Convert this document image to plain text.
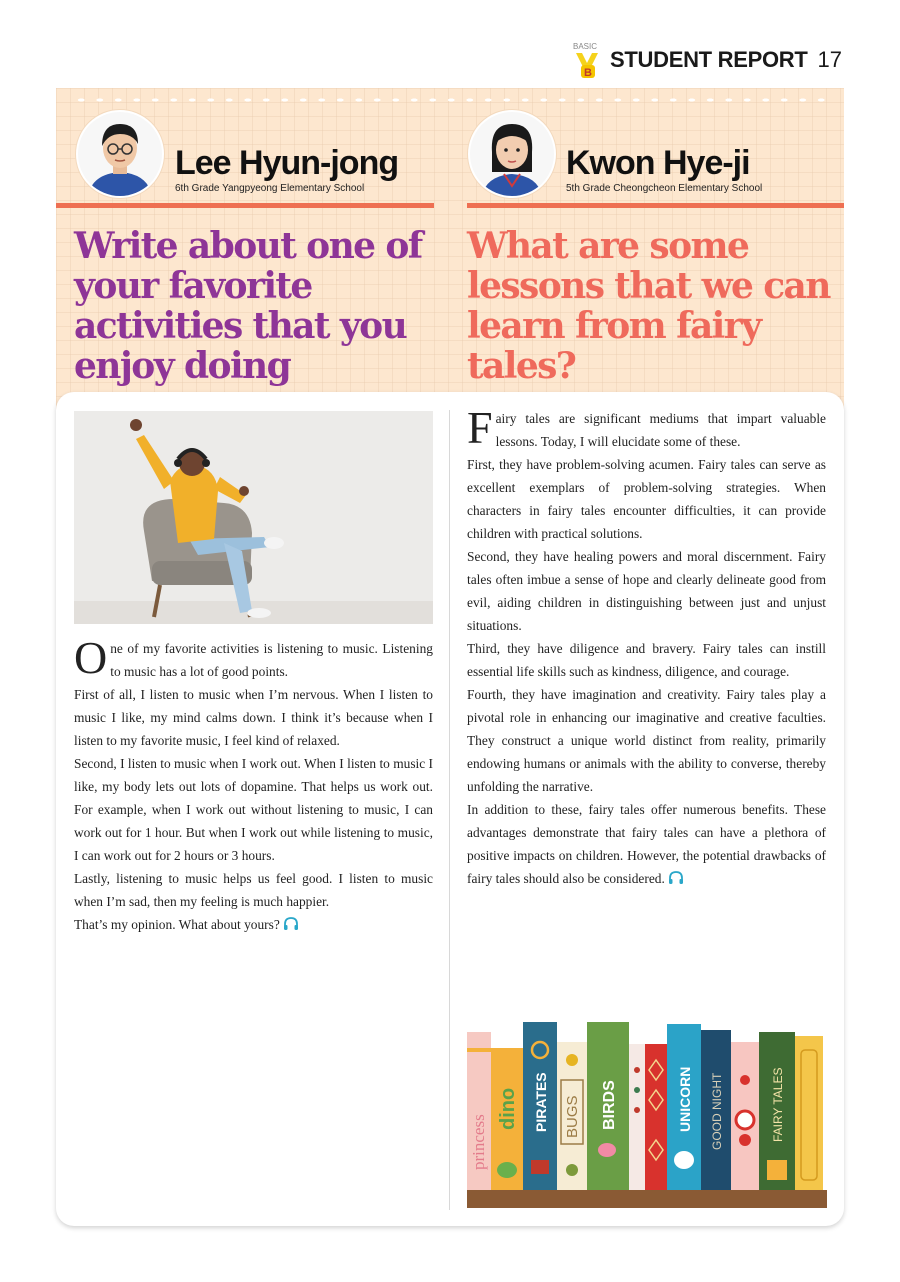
BASIC
B
STUDENT REPORT 17
Lee Hyun-jong
6th Grade Yangpyeong Elementary School
Write about one of your favorite activities that you enjoy doing
Kwon Hye-ji
5th Grade Cheongcheon Elementary School
What are some lessons that we can learn from fairy tales?
O ne of my favorite activities is listening to music. Listening to music has a lot of good points.

First of all, I listen to music when I’m nervous. When I listen to music I like, my mind calms down. I think it’s because when I listen to my favorite music, I feel kind of relaxed.

Second, I listen to music when I work out. When I listen to music I like, my body lets out lots of dopamine. That helps us work out. For example, when I work out without listening to music, I can work out for 1 hour. But when I work out while listening to music, I can work out for 2 hours or 3 hours.

Lastly, listening to music helps us feel good. I listen to music when I’m sad, then my feeling is much happier.

That’s my opinion. What about yours?

F airy tales are significant mediums that impart valuable lessons. Today, I will elucidate some of these.

First, they have problem-solving acumen. Fairy tales can serve as excellent exemplars of problem-solving strategies. When characters in fairy tales encounter difficulties, it can provide children with practical solutions.

Second, they have healing powers and moral discernment. Fairy tales often imbue a sense of hope and clearly delineate good from evil, aiding children in distinguishing between just and unjust situations.

Third, they have diligence and bravery. Fairy tales can instill essential life skills such as kindness, diligence, and courage.

Fourth, they have imagination and creativity. Fairy tales play a pivotal role in enhancing our imaginative and creative faculties. They construct a unique world distinct from reality, primarily endowing humans or animals with the ability to converse, thereby unfolding the narrative.

In addition to these, fairy tales offer numerous benefits. These advantages demonstrate that fairy tales can have a plethora of positive impacts on children. However, the potential drawbacks of fairy tales should also be considered.

princess
dino PIRATES BUGS BIRDS	UNICORN GOOD NIGHT	FAIRY TALES
